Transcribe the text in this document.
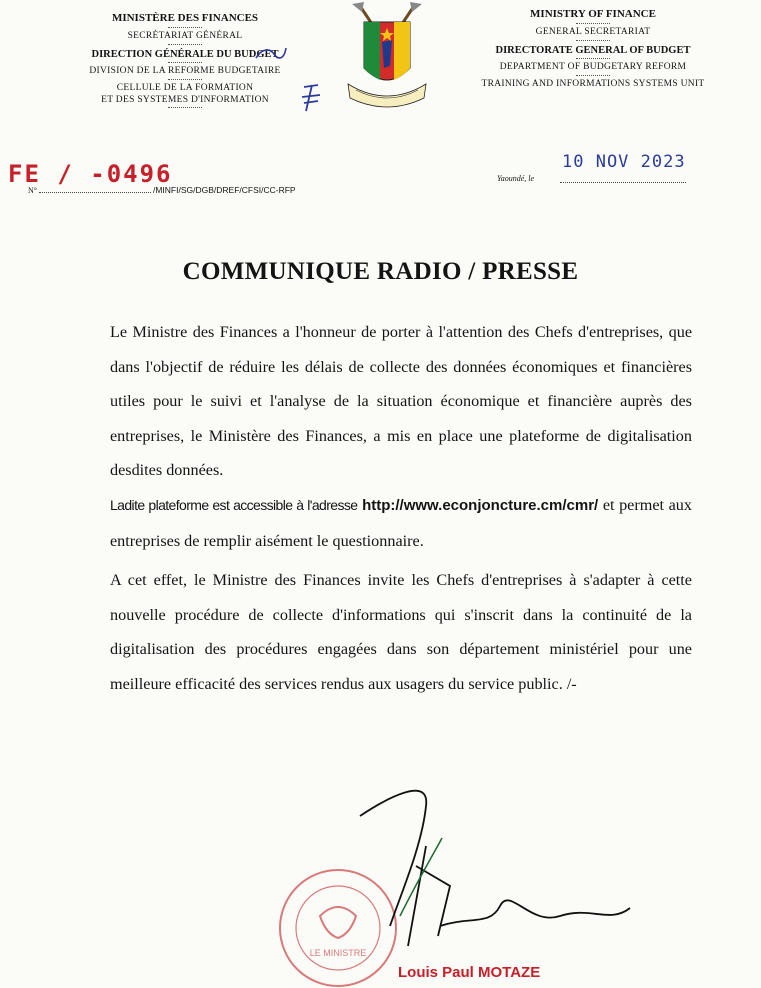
MINISTÈRE DES FINANCES
SECRÉTARIAT GÉNÉRAL
DIRECTION GÉNÉRALE DU BUDGET
DIVISION DE LA REFORME BUDGETAIRE
CELLULE DE LA FORMATION
ET DES SYSTEMES D'INFORMATION
MINISTRY OF FINANCE
GENERAL SECRETARIAT
DIRECTORATE GENERAL OF BUDGET
DEPARTMENT OF BUDGETARY REFORM
TRAINING AND INFORMATIONS SYSTEMS UNIT
FE / -0496
N°	/MINFI/SG/DGB/DREF/CFSI/CC-RFP
Yaoundé, le
10 NOV 2023
COMMUNIQUE RADIO / PRESSE

Le Ministre des Finances a l'honneur de porter à l'attention des Chefs d'entreprises, que dans l'objectif de réduire les délais de collecte des données économiques et financières utiles pour le suivi et l'analyse de la situation économique et financière auprès des entreprises, le Ministère des Finances, a mis en place une plateforme de digitalisation desdites données.

Ladite plateforme est accessible à l'adresse http://www.econjoncture.cm/cmr/ et permet aux entreprises de remplir aisément le questionnaire.

A cet effet, le Ministre des Finances invite les Chefs d'entreprises à s'adapter à cette nouvelle procédure de collecte d'informations qui s'inscrit dans la continuité de la digitalisation des procédures engagées dans son département ministériel pour une meilleure efficacité des services rendus aux usagers du service public. /-

LE MINISTRE
Louis Paul MOTAZE
